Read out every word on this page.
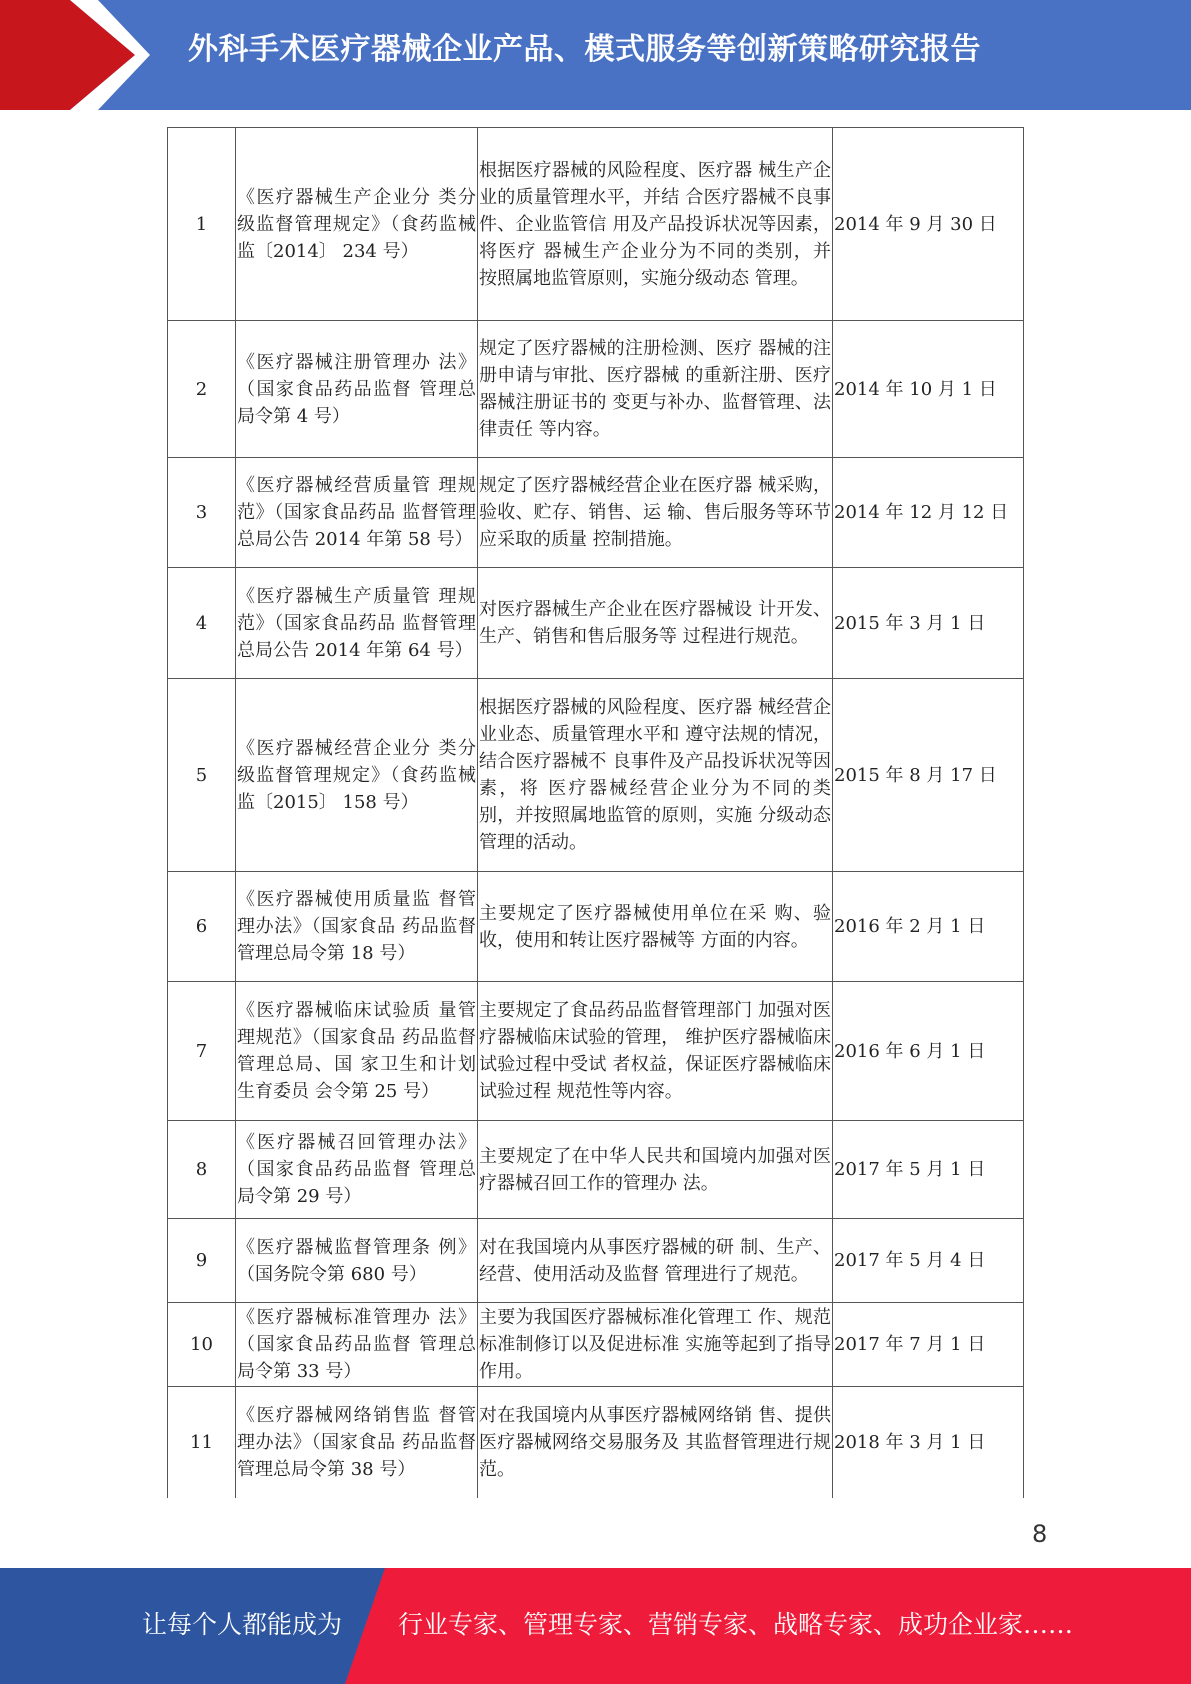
外科手术医疗器械企业产品、模式服务等创新策略研究报告
1	《医疗器械生产企业分 类分级监督管理规定》（食药监械监〔2014〕 234 号）	根据医疗器械的风险程度、医疗器 械生产企业的质量管理水平，并结 合医疗器械不良事件、企业监管信 用及产品投诉状况等因素，将医疗 器械生产企业分为不同的类别，并 按照属地监管原则，实施分级动态 管理。	2014 年 9 月 30 日
2	《医疗器械注册管理办 法》（国家食品药品监督 管理总局令第 4 号）	规定了医疗器械的注册检测、医疗 器械的注册申请与审批、医疗器械 的重新注册、医疗器械注册证书的 变更与补办、监督管理、法律责任 等内容。	2014 年 10 月 1 日
3	《医疗器械经营质量管 理规范》（国家食品药品 监督管理总局公告 2014 年第 58 号）	规定了医疗器械经营企业在医疗器 械采购，验收、贮存、销售、运 输、售后服务等环节应采取的质量 控制措施。	2014 年 12 月 12 日
4	《医疗器械生产质量管 理规范》（国家食品药品 监督管理总局公告 2014 年第 64 号）	对医疗器械生产企业在医疗器械设 计开发、生产、销售和售后服务等 过程进行规范。	2015 年 3 月 1 日
5	《医疗器械经营企业分 类分级监督管理规定》（食药监械监〔2015〕 158 号）	根据医疗器械的风险程度、医疗器 械经营企业业态、质量管理水平和 遵守法规的情况，结合医疗器械不 良事件及产品投诉状况等因素，将 医疗器械经营企业分为不同的类 别，并按照属地监管的原则，实施 分级动态管理的活动。	2015 年 8 月 17 日
6	《医疗器械使用质量监 督管理办法》（国家食品 药品监督管理总局令第 18 号）	主要规定了医疗器械使用单位在采 购、验收，使用和转让医疗器械等 方面的内容。	2016 年 2 月 1 日
7	《医疗器械临床试验质 量管理规范》（国家食品 药品监督管理总局、国 家卫生和计划生育委员 会令第 25 号）	主要规定了食品药品监督管理部门 加强对医疗器械临床试验的管理， 维护医疗器械临床试验过程中受试 者权益，保证医疗器械临床试验过程 规范性等内容。	2016 年 6 月 1 日
8	《医疗器械召回管理办法》（国家食品药品监督 管理总局令第 29 号）	主要规定了在中华人民共和国境内加强对医疗器械召回工作的管理办 法。	2017 年 5 月 1 日
9	《医疗器械监督管理条 例》（国务院令第 680 号）	对在我国境内从事医疗器械的研 制、生产、经营、使用活动及监督 管理进行了规范。	2017 年 5 月 4 日
10	《医疗器械标准管理办 法》（国家食品药品监督 管理总局令第 33 号）	主要为我国医疗器械标准化管理工 作、规范标准制修订以及促进标准 实施等起到了指导作用。	2017 年 7 月 1 日
11	《医疗器械网络销售监 督管理办法》（国家食品 药品监督管理总局令第 38 号）	对在我国境内从事医疗器械网络销 售、提供医疗器械网络交易服务及 其监督管理进行规范。	2018 年 3 月 1 日
8
让每个人都能成为 行业专家、管理专家、营销专家、战略专家、成功企业家……
